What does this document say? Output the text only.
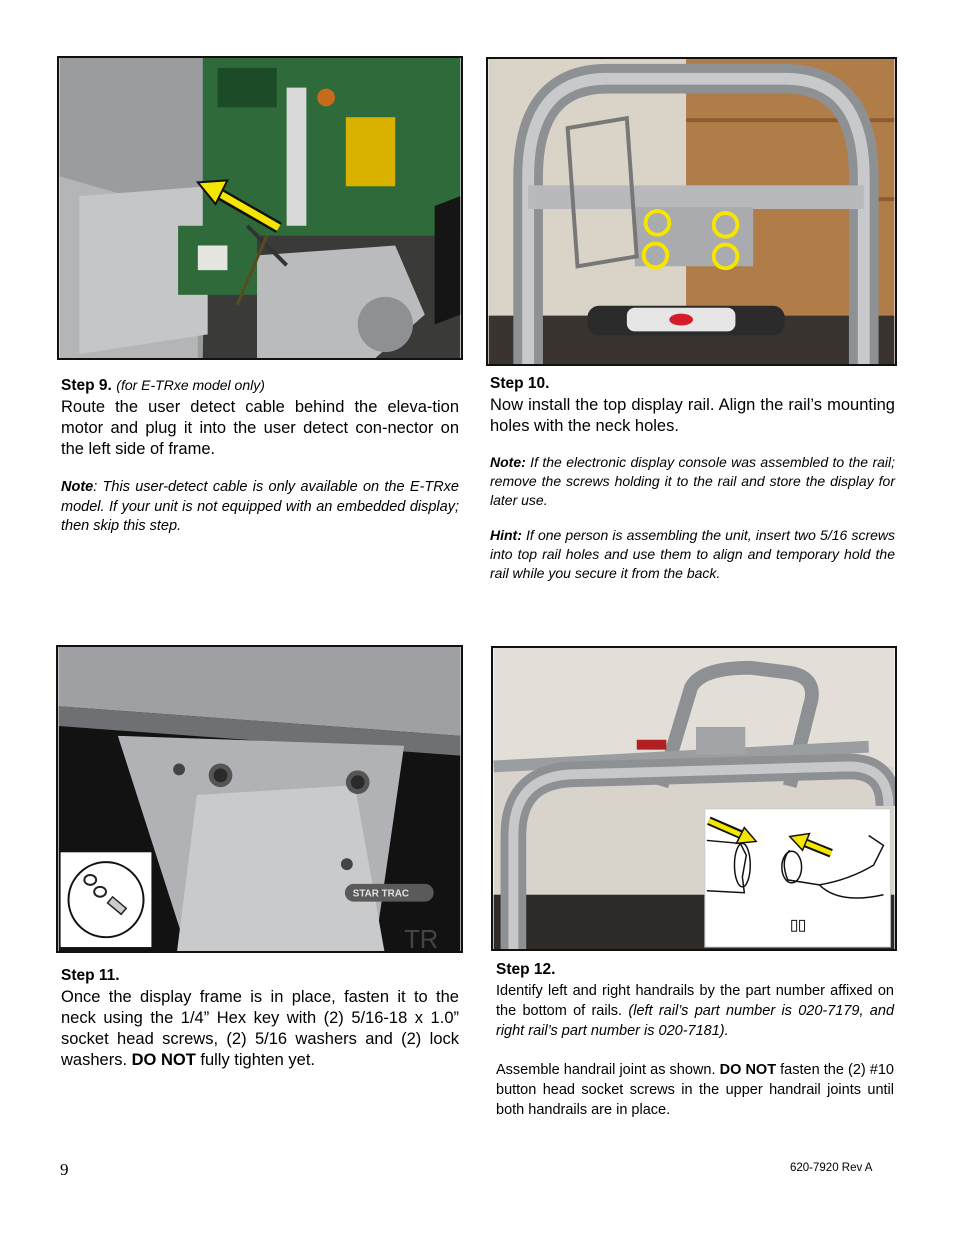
STAR TRAC
TR
Step 9. (for E-TRxe model only)
Route the user detect cable behind the eleva-tion motor and plug it into the user detect con-nector on the left side of frame.
Note: This user-detect cable is only available on the E-TRxe model. If your unit is not equipped with an embedded display; then skip this step.
Step 10.
Now install the top display rail. Align the rail’s mounting holes with the neck holes.
Note: If the electronic display console was assembled to the rail; remove the screws holding it to the rail and store the display for later use.
Hint: If one person is assembling the unit, insert two 5/16 screws into top rail holes and use them to align and temporary hold the rail while you secure it from the back.
Step 11.
Once the display frame is in place, fasten it to the neck using the 1/4” Hex key with (2) 5/16-18 x 1.0” socket head screws, (2) 5/16 washers and (2) lock washers. DO NOT fully tighten yet.
Step 12.
Identify left and right handrails by the part number affixed on the bottom of rails. (left rail’s part number is 020-7179, and right rail’s part number is 020-7181).
Assemble handrail joint as shown. DO NOT fasten the (2) #10 button head socket screws in the upper handrail joints until both handrails are in place.
9	620-7920 Rev A
